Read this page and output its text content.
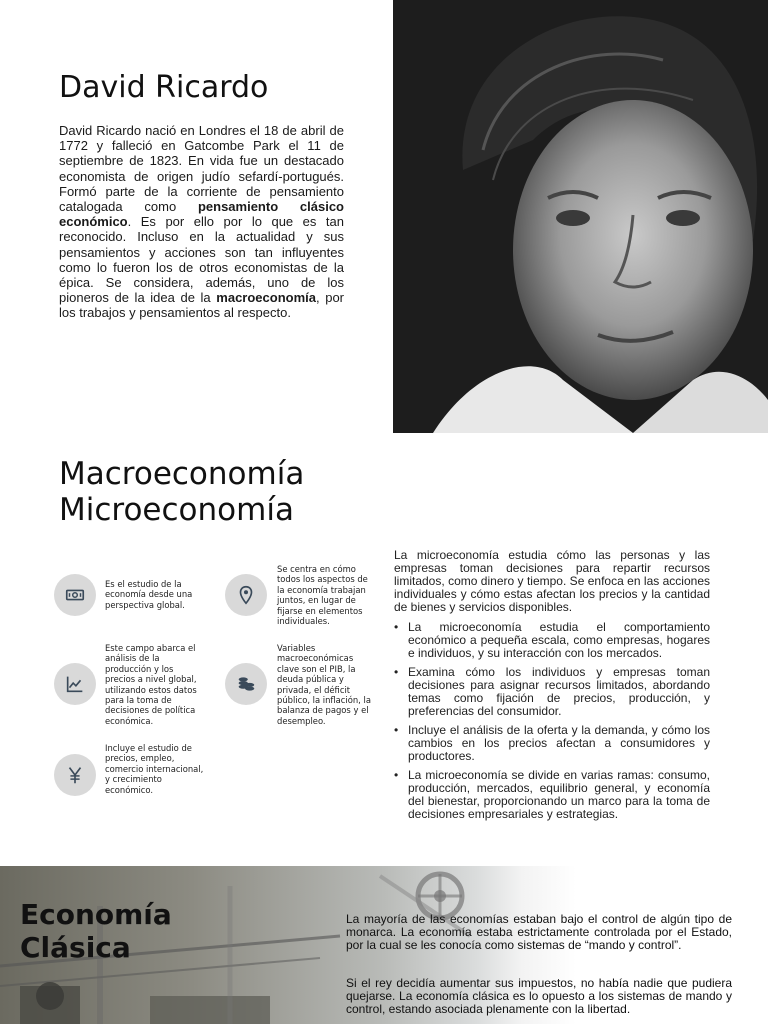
David Ricardo

David Ricardo nació en Londres el 18 de abril de 1772 y falleció en Gatcombe Park el 11 de septiembre de 1823. En vida fue un destacado economista de origen judío sefardí-portugués. Formó parte de la corriente de pensamiento catalogada como pensamiento clásico económico. Es por ello por lo que es tan reconocido. Incluso en la actualidad y sus pensamientos y acciones son tan influyentes como lo fueron los de otros economistas de la épica. Se considera, además, uno de los pioneros de la idea de la macroeconomía, por los trabajos y pensamientos al respecto.

Macroeconomía
Microeconomía

Es el estudio de la economía desde una perspectiva global.

Este campo abarca el análisis de la producción y los precios a nivel global, utilizando estos datos para la toma de decisiones de política económica.

Incluye el estudio de precios, empleo, comercio internacional, y crecimiento económico.

Se centra en cómo todos los aspectos de la economía trabajan juntos, en lugar de fijarse en elementos individuales.

Variables macroeconómicas clave son el PIB, la deuda pública y privada, el déficit público, la inflación, la balanza de pagos y el desempleo.

La microeconomía estudia cómo las personas y las empresas toman decisiones para repartir recursos limitados, como dinero y tiempo. Se enfoca en las acciones individuales y cómo estas afectan los precios y la cantidad de bienes y servicios disponibles.

• La microeconomía estudia el comportamiento económico a pequeña escala, como empresas, hogares e individuos, y su interacción con los mercados.
• Examina cómo los individuos y empresas toman decisiones para asignar recursos limitados, abordando temas como fijación de precios, producción, y preferencias del consumidor.
• Incluye el análisis de la oferta y la demanda, y cómo los cambios en los precios afectan a consumidores y productores.
• La microeconomía se divide en varias ramas: consumo, producción, mercados, equilibrio general, y economía del bienestar, proporcionando un marco para la toma de decisiones empresariales y estrategias.
Economía
Clásica

La mayoría de las economías estaban bajo el control de algún tipo de monarca. La economía estaba estrictamente controlada por el Estado, por la cual se les conocía como sistemas de “mando y control”.

Si el rey decidía aumentar sus impuestos, no había nadie que pudiera quejarse. La economía clásica es lo opuesto a los sistemas de mando y control, estando asociada plenamente con la libertad.
